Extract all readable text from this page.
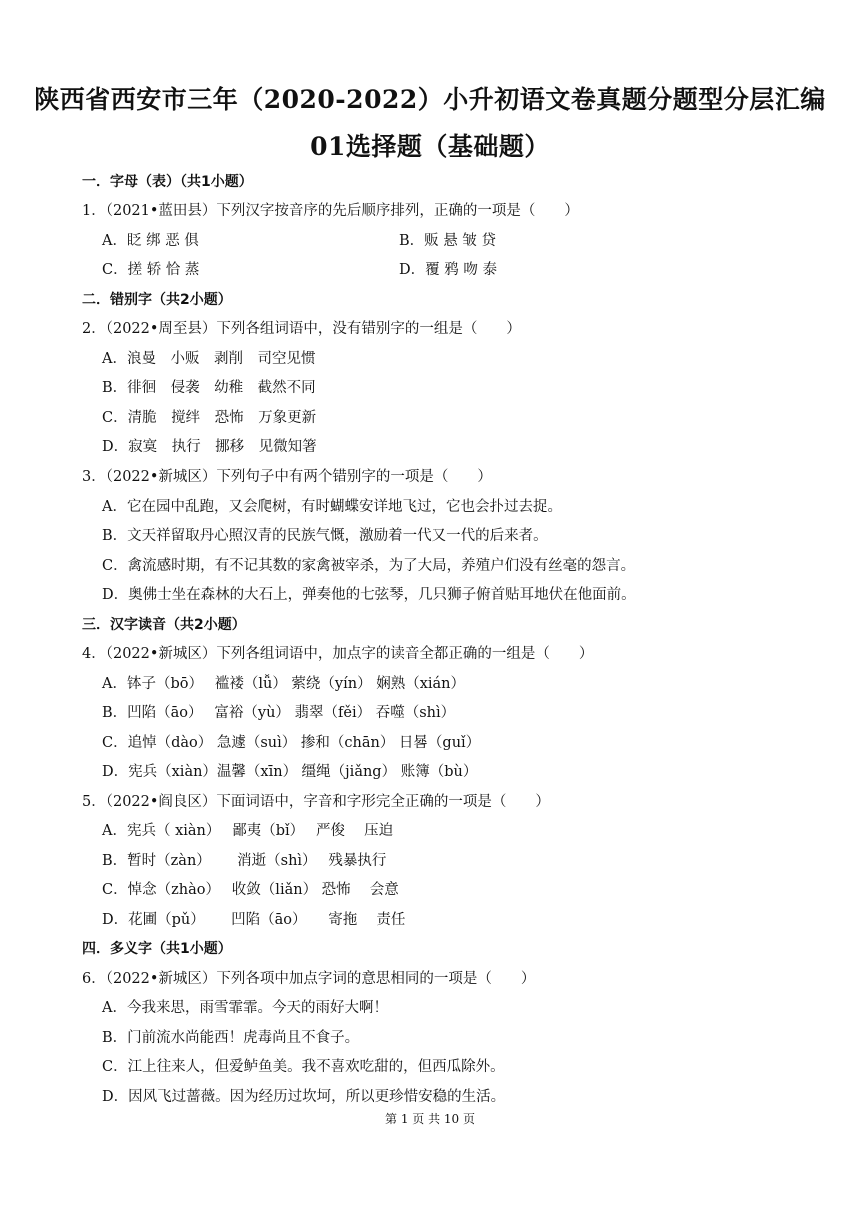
陕西省西安市三年（2020-2022）小升初语文卷真题分题型分层汇编
01选择题（基础题）
一．字母（表）（共1小题）
1．（2021•蓝田县）下列汉字按音序的先后顺序排列，正确的一项是（　　）
A．眨 绑 恶 俱	B．贩 悬 皱 贷
C．搓 轿 恰 蒸	D．覆 鸦 吻 泰
二．错别字（共2小题）
2．（2022•周至县）下列各组词语中，没有错别字的一组是（　　）
A．浪曼　小贩　剥削　司空见惯
B．徘徊　侵袭　幼稚　截然不同
C．清脆　搅绊　恐怖　万象更新
D．寂寞　执行　挪移　见微知箸
3．（2022•新城区）下列句子中有两个错别字的一项是（　　）
A．它在园中乱跑，又会爬树，有时蝴蝶安详地飞过，它也会扑过去捉。
B．文天祥留取丹心照汉青的民族气慨，激励着一代又一代的后来者。
C．禽流感时期，有不记其数的家禽被宰杀，为了大局，养殖户们没有丝毫的怨言。
D．奥佛士坐在森林的大石上，弹奏他的七弦琴，几只狮子俯首贴耳地伏在他面前。
三．汉字读音（共2小题）
4．（2022•新城区）下列各组词语中，加点字的读音全都正确的一组是（　　）
A．钵子（bō）　 褴褛（lǚ） 萦绕（yín） 娴熟（xián）
B．凹陷（āo）　 富裕（yù） 翡翠（fěi） 吞噬（shì）
C．追悼（dào） 急遽（suì） 掺和（chān） 日晷（guǐ）
D．宪兵（xiàn）温馨（xīn） 缰绳（jiǎng） 账簿（bù）
5．（2022•阎良区）下面词语中，字音和字形完全正确的一项是（　　）
A．宪兵（ xiàn）　 鄙夷（bǐ）　 严俊　 压迫
B．暂时（zàn）　　 消逝（shì）　 残暴执行
C．悼念（zhào）　 收敛（liǎn） 恐怖　 会意
D．花圃（pǔ）　　 凹陷（āo）　　寄拖　 责任
四．多义字（共1小题）
6．（2022•新城区）下列各项中加点字词的意思相同的一项是（　　）
A．今我来思，雨雪霏霏。今天的雨好大啊！
B．门前流水尚能西！虎毒尚且不食子。
C．江上往来人，但爱鲈鱼美。我不喜欢吃甜的，但西瓜除外。
D．因风飞过蔷薇。因为经历过坎坷，所以更珍惜安稳的生活。
第 1 页 共 10 页
